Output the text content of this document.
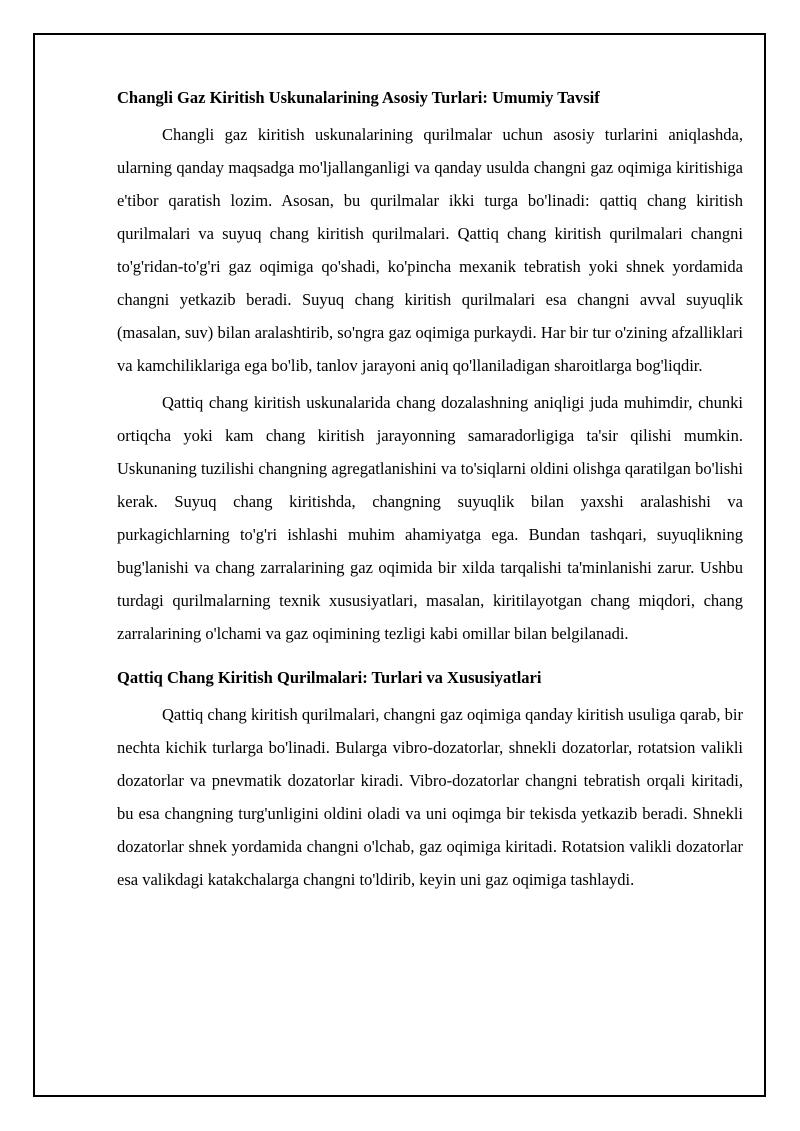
Changli Gaz Kiritish Uskunalarining Asosiy Turlari: Umumiy Tavsif

Changli gaz kiritish uskunalarining qurilmalar uchun asosiy turlarini aniqlashda, ularning qanday maqsadga mo'ljallanganligi va qanday usulda changni gaz oqimiga kiritishiga e'tibor qaratish lozim. Asosan, bu qurilmalar ikki turga bo'linadi: qattiq chang kiritish qurilmalari va suyuq chang kiritish qurilmalari. Qattiq chang kiritish qurilmalari changni to'g'ridan-to'g'ri gaz oqimiga qo'shadi, ko'pincha mexanik tebratish yoki shnek yordamida changni yetkazib beradi. Suyuq chang kiritish qurilmalari esa changni avval suyuqlik (masalan, suv) bilan aralashtirib, so'ngra gaz oqimiga purkaydi. Har bir tur o'zining afzalliklari va kamchiliklariga ega bo'lib, tanlov jarayoni aniq qo'llaniladigan sharoitlarga bog'liqdir.

Qattiq chang kiritish uskunalarida chang dozalashning aniqligi juda muhimdir, chunki ortiqcha yoki kam chang kiritish jarayonning samaradorligiga ta'sir qilishi mumkin. Uskunaning tuzilishi changning agregatlanishini va to'siqlarni oldini olishga qaratilgan bo'lishi kerak. Suyuq chang kiritishda, changning suyuqlik bilan yaxshi aralashishi va purkagichlarning to'g'ri ishlashi muhim ahamiyatga ega. Bundan tashqari, suyuqlikning bug'lanishi va chang zarralarining gaz oqimida bir xilda tarqalishi ta'minlanishi zarur. Ushbu turdagi qurilmalarning texnik xususiyatlari, masalan, kiritilayotgan chang miqdori, chang zarralarining o'lchami va gaz oqimining tezligi kabi omillar bilan belgilanadi.

Qattiq Chang Kiritish Qurilmalari: Turlari va Xususiyatlari

Qattiq chang kiritish qurilmalari, changni gaz oqimiga qanday kiritish usuliga qarab, bir nechta kichik turlarga bo'linadi. Bularga vibro-dozatorlar, shnekli dozatorlar, rotatsion valikli dozatorlar va pnevmatik dozatorlar kiradi. Vibro-dozatorlar changni tebratish orqali kiritadi, bu esa changning turg'unligini oldini oladi va uni oqimga bir tekisda yetkazib beradi. Shnekli dozatorlar shnek yordamida changni o'lchab, gaz oqimiga kiritadi. Rotatsion valikli dozatorlar esa valikdagi katakchalarga changni to'ldirib, keyin uni gaz oqimiga tashlaydi.
